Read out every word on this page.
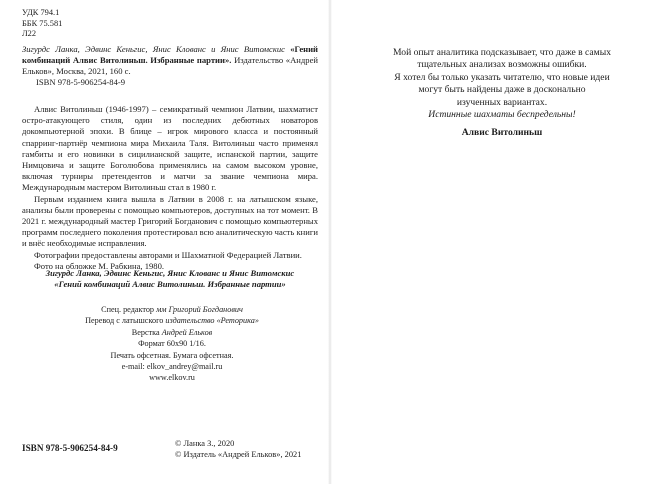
УДК 794.1
ББК 75.581
Л22
Зигурдс Ланка, Эдвинс Кеньгис, Янис Клованс и Янис Витомскис «Гений комбинаций Алвис Витолиньш. Избранные партии». Издательство «Андрей Ельков», Москва, 2021, 160 с.
ISBN 978-5-906254-84-9

Алвис Витолиньш (1946-1997) – семикратный чемпион Латвии, шахматист остро-атакующего стиля, один из последних дебютных новаторов докомпьютерной эпохи. В блице – игрок мирового класса и постоянный спарринг-партнёр чемпиона мира Михаила Таля. Витолиньш часто применял гамбиты и его новинки в сицилианской защите, испанской партии, защите Нимцовича и защите Боголюбова применялись на самом высоком уровне, включая турниры претендентов и матчи за звание чемпиона мира. Международным мастером Витолиньш стал в 1980 г.

Первым изданием книга вышла в Латвии в 2008 г. на латышском языке, анализы были проверены с помощью компьютеров, доступных на тот момент. В 2021 г. международный мастер Григорий Богданович с помощью компьютерных программ последнего поколения протестировал всю аналитическую часть книги и внёс необходимые исправления.

Фотографии предоставлены авторами и Шахматной Федерацией Латвии.

Фото на обложке М. Рабкина, 1980.

Зигурдс Ланка, Эдвинс Кеньгис, Янис Клованс и Янис Витомскис
«Гений комбинаций Алвис Витолиньш. Избранные партии»
Спец. редактор мм Григорий Богданович
Перевод с латышского издательство «Реторика»
Верстка Андрей Ельков
Формат 60x90 1/16.
Печать офсетная. Бумага офсетная.
e-mail: elkov_andrey@mail.ru
www.elkov.ru
ISBN 978-5-906254-84-9	© Ланка З., 2020
© Издатель «Андрей Ельков», 2021
Мой опыт аналитика подсказывает, что даже в самых
тщательных анализах возможны ошибки.
Я хотел бы только указать читателю, что новые идеи
могут быть найдены даже в досконально
изученных вариантах.
Истинные шахматы беспредельны!
Алвис Витолиньш
